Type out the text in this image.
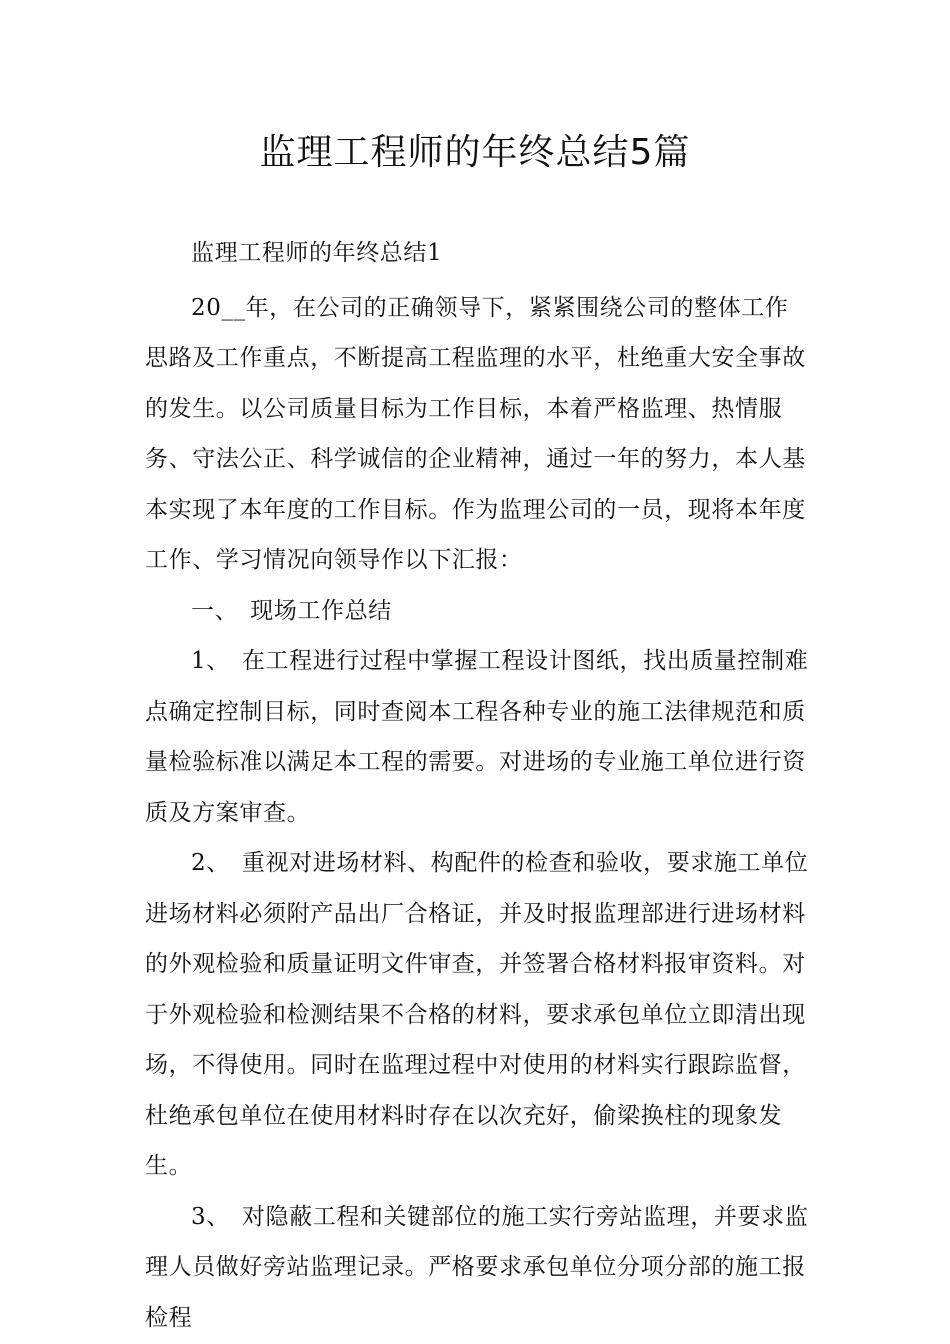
监理工程师的年终总结5篇

监理工程师的年终总结1

20__年，在公司的正确领导下，紧紧围绕公司的整体工作思路及工作重点，不断提高工程监理的水平，杜绝重大安全事故的发生。以公司质量目标为工作目标，本着严格监理、热情服务、守法公正、科学诚信的企业精神，通过一年的努力，本人基本实现了本年度的工作目标。作为监理公司的一员，现将本年度工作、学习情况向领导作以下汇报：

一、　现场工作总结

1、　在工程进行过程中掌握工程设计图纸，找出质量控制难点确定控制目标，同时查阅本工程各种专业的施工法律规范和质量检验标准以满足本工程的需要。对进场的专业施工单位进行资质及方案审查。

2、　重视对进场材料、构配件的检查和验收，要求施工单位进场材料必须附产品出厂合格证，并及时报监理部进行进场材料的外观检验和质量证明文件审查，并签署合格材料报审资料。对于外观检验和检测结果不合格的材料，要求承包单位立即清出现场，不得使用。同时在监理过程中对使用的材料实行跟踪监督，杜绝承包单位在使用材料时存在以次充好，偷梁换柱的现象发生。

3、　对隐蔽工程和关键部位的施工实行旁站监理，并要求监理人员做好旁站监理记录。严格要求承包单位分项分部的施工报检程
